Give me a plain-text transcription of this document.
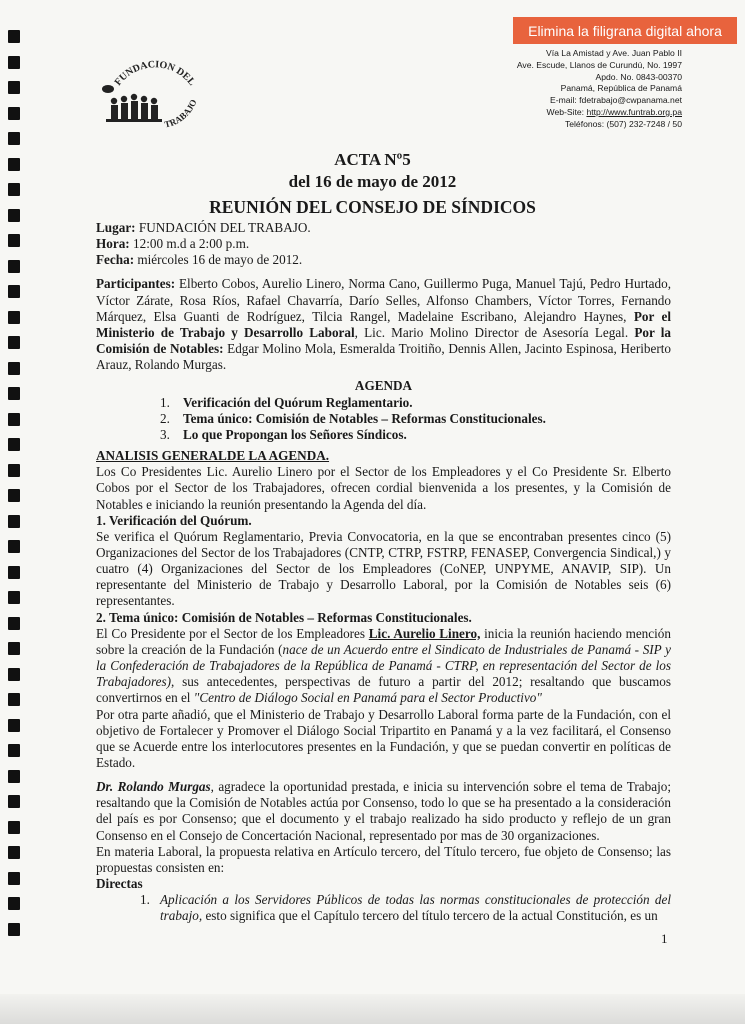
Elimina la filigrana digital ahora
FUNDACION DEL
TRABAJO
Vía La Amistad y Ave. Juan Pablo II
Ave. Escude, Llanos de Curundú, No. 1997
Apdo. No. 0843-00370
Panamá, República de Panamá
E-mail: fdetrabajo@cwpanama.net
Web-Site: http://www.funtrab.org.pa
Teléfonos: (507) 232-7248 / 50
ACTA Nº5
del 16 de mayo de 2012
REUNIÓN DEL CONSEJO DE SÍNDICOS

Lugar: FUNDACIÓN DEL TRABAJO.

Hora: 12:00 m.d a 2:00 p.m.

Fecha: miércoles 16 de mayo de 2012.

Participantes: Elberto Cobos, Aurelio Linero, Norma Cano, Guillermo Puga, Manuel Tajú, Pedro Hurtado, Víctor Zárate, Rosa Ríos, Rafael Chavarría, Darío Selles, Alfonso Chambers, Víctor Torres, Fernando Márquez, Elsa Guanti de Rodríguez, Tilcia Rangel, Madelaine Escribano, Alejandro Haynes, Por el Ministerio de Trabajo y Desarrollo Laboral, Lic. Mario Molino Director de Asesoría Legal. Por la Comisión de Notables: Edgar Molino Mola, Esmeralda Troitiño, Dennis Allen, Jacinto Espinosa, Heriberto Arauz, Rolando Murgas.

AGENDA

1. Verificación del Quórum Reglamentario.
2. Tema único: Comisión de Notables – Reformas Constitucionales.
3. Lo que Propongan los Señores Síndicos.

ANALISIS GENERALDE LA AGENDA.

Los Co Presidentes Lic. Aurelio Linero por el Sector de los Empleadores y el Co Presidente Sr. Elberto Cobos por el Sector de los Trabajadores, ofrecen cordial bienvenida a los presentes, y la Comisión de Notables e iniciando la reunión presentando la Agenda del día.

1. Verificación del Quórum.

Se verifica el Quórum Reglamentario, Previa Convocatoria, en la que se encontraban presentes cinco (5) Organizaciones del Sector de los Trabajadores (CNTP, CTRP, FSTRP, FENASEP, Convergencia Sindical,) y cuatro (4) Organizaciones del Sector de los Empleadores (CoNEP, UNPYME, ANAVIP, SIP). Un representante del Ministerio de Trabajo y Desarrollo Laboral, por la Comisión de Notables seis (6) representantes.

2. Tema único: Comisión de Notables – Reformas Constitucionales.

El Co Presidente por el Sector de los Empleadores Lic. Aurelio Linero, inicia la reunión haciendo mención sobre la creación de la Fundación (nace de un Acuerdo entre el Sindicato de Industriales de Panamá - SIP y la Confederación de Trabajadores de la República de Panamá - CTRP, en representación del Sector de los Trabajadores), sus antecedentes, perspectivas de futuro a partir del 2012; resaltando que buscamos convertirnos en el "Centro de Diálogo Social en Panamá para el Sector Productivo"

Por otra parte añadió, que el Ministerio de Trabajo y Desarrollo Laboral forma parte de la Fundación, con el objetivo de Fortalecer y Promover el Diálogo Social Tripartito en Panamá y a la vez facilitará, el Consenso que se Acuerde entre los interlocutores presentes en la Fundación, y que se puedan convertir en políticas de Estado.

Dr. Rolando Murgas, agradece la oportunidad prestada, e inicia su intervención sobre el tema de Trabajo; resaltando que la Comisión de Notables actúa por Consenso, todo lo que se ha presentado a la consideración del país es por Consenso; que el documento y el trabajo realizado ha sido producto y reflejo de un gran Consenso en el Consejo de Concertación Nacional, representado por mas de 30 organizaciones.

En materia Laboral, la propuesta relativa en Artículo tercero, del Título tercero, fue objeto de Consenso; las propuestas consisten en:

Directas

1. Aplicación a los Servidores Públicos de todas las normas constitucionales de protección del trabajo, esto significa que el Capítulo tercero del título tercero de la actual Constitución, es un
1
